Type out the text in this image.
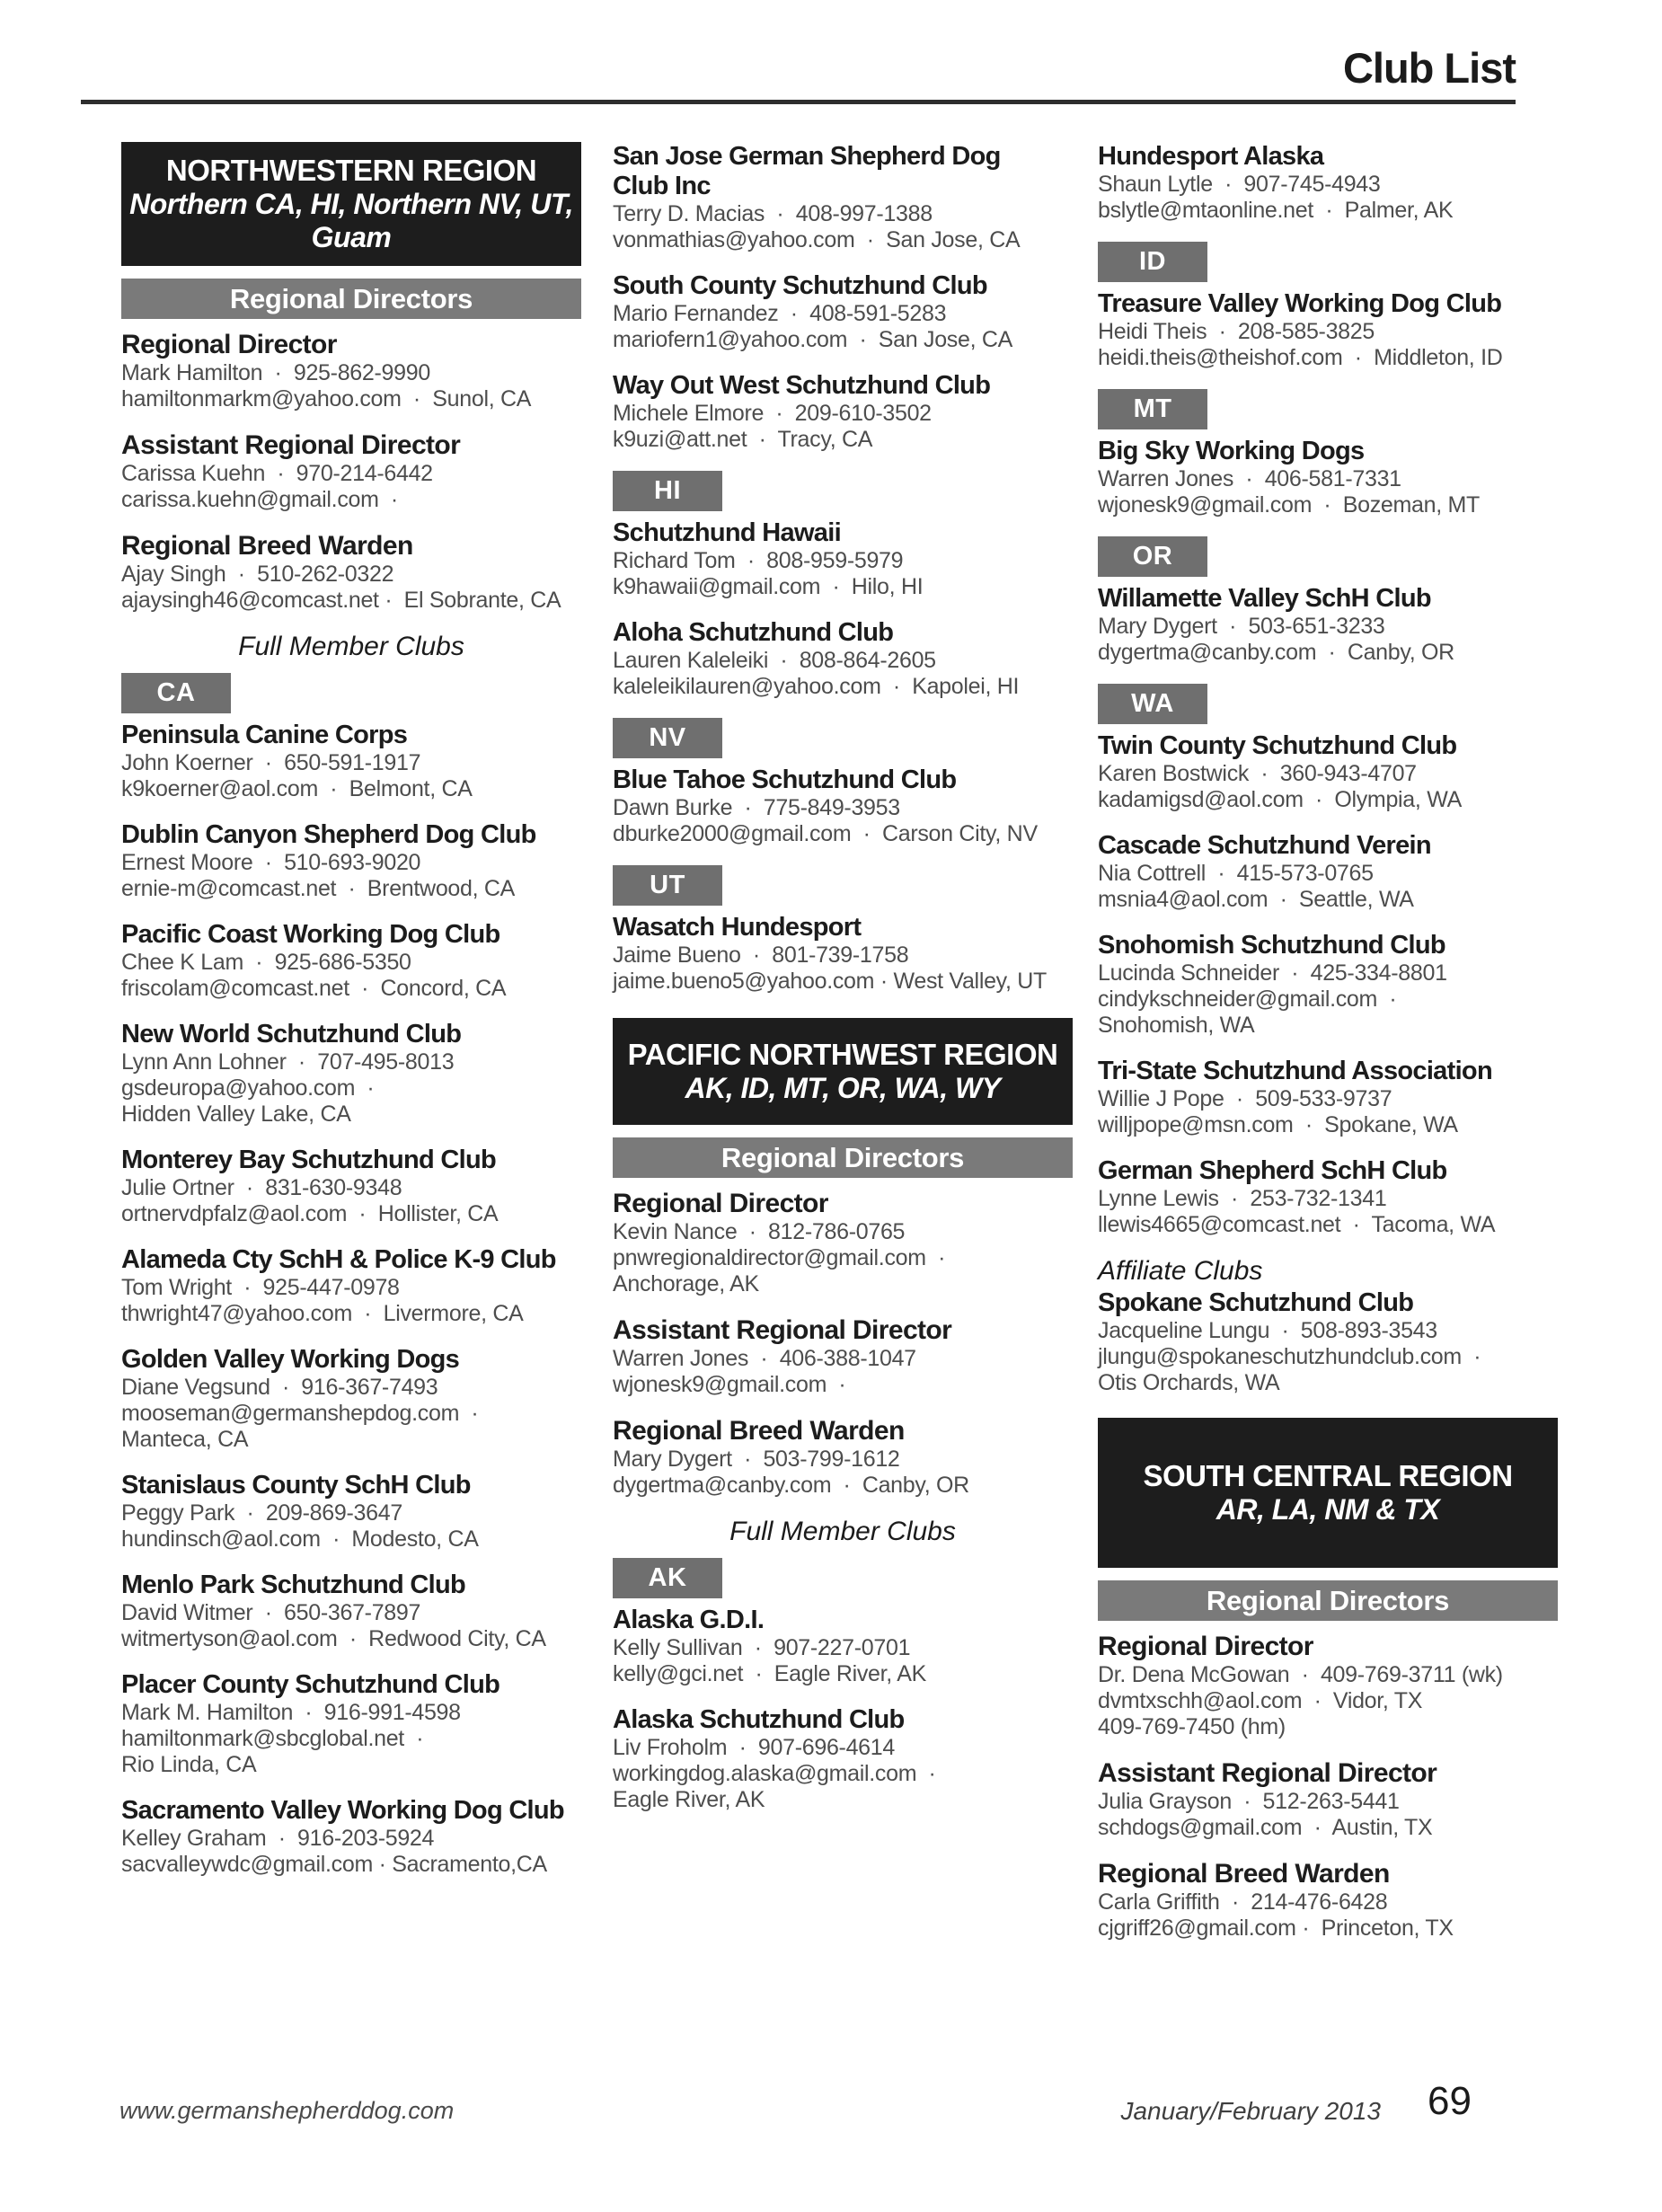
Club List
NORTHWESTERN REGION
Northern CA, HI, Northern NV, UT,
Guam
Regional Directors
Regional Director
Mark Hamilton  ·  925-862-9990
hamiltonmarkm@yahoo.com  ·  Sunol, CA
Assistant Regional Director
Carissa Kuehn  ·  970-214-6442
carissa.kuehn@gmail.com  ·
Regional Breed Warden
Ajay Singh  ·  510-262-0322
ajaysingh46@comcast.net ·  El Sobrante, CA
Full Member Clubs
CA
Peninsula Canine Corps
John Koerner  ·  650-591-1917
k9koerner@aol.com  ·  Belmont, CA
Dublin Canyon Shepherd Dog Club
Ernest Moore  ·  510-693-9020
ernie-m@comcast.net  ·  Brentwood, CA
Pacific Coast Working Dog Club
Chee K Lam  ·  925-686-5350
friscolam@comcast.net  ·  Concord, CA
New World Schutzhund Club
Lynn Ann Lohner  ·  707-495-8013
gsdeuropa@yahoo.com  ·
Hidden Valley Lake, CA
Monterey Bay Schutzhund Club
Julie Ortner  ·  831-630-9348
ortnervdpfalz@aol.com  ·  Hollister, CA
Alameda Cty SchH & Police K-9 Club
Tom Wright  ·  925-447-0978
thwright47@yahoo.com  ·  Livermore, CA
Golden Valley Working Dogs
Diane Vegsund  ·  916-367-7493
mooseman@germanshepdog.com  ·
Manteca, CA
Stanislaus County SchH Club
Peggy Park  ·  209-869-3647
hundinsch@aol.com  ·  Modesto, CA
Menlo Park Schutzhund Club
David Witmer  ·  650-367-7897
witmertyson@aol.com  ·  Redwood City, CA
Placer County Schutzhund Club
Mark M. Hamilton  ·  916-991-4598
hamiltonmark@sbcglobal.net  ·
Rio Linda, CA
Sacramento Valley Working Dog Club
Kelley Graham  ·  916-203-5924
sacvalleywdc@gmail.com · Sacramento,CA
San Jose German Shepherd Dog
Club Inc
Terry D. Macias  ·  408-997-1388
vonmathias@yahoo.com  ·  San Jose, CA
South County Schutzhund Club
Mario Fernandez  ·  408-591-5283
mariofern1@yahoo.com  ·  San Jose, CA
Way Out West Schutzhund Club
Michele Elmore  ·  209-610-3502
k9uzi@att.net  ·  Tracy, CA
HI
Schutzhund Hawaii
Richard Tom  ·  808-959-5979
k9hawaii@gmail.com  ·  Hilo, HI
Aloha Schutzhund Club
Lauren Kaleleiki  ·  808-864-2605
kaleleikilauren@yahoo.com  ·  Kapolei, HI
NV
Blue Tahoe Schutzhund Club
Dawn Burke  ·  775-849-3953
dburke2000@gmail.com  ·  Carson City, NV
UT
Wasatch Hundesport
Jaime Bueno  ·  801-739-1758
jaime.bueno5@yahoo.com · West Valley, UT
PACIFIC NORTHWEST REGION
AK, ID, MT, OR, WA, WY
Regional Directors
Regional Director
Kevin Nance  ·  812-786-0765
pnwregionaldirector@gmail.com  ·
Anchorage, AK
Assistant Regional Director
Warren Jones  ·  406-388-1047
wjonesk9@gmail.com  ·
Regional Breed Warden
Mary Dygert  ·  503-799-1612
dygertma@canby.com  ·  Canby, OR
Full Member Clubs
AK
Alaska G.D.I.
Kelly Sullivan  ·  907-227-0701
kelly@gci.net  ·  Eagle River, AK
Alaska Schutzhund Club
Liv Froholm  ·  907-696-4614
workingdog.alaska@gmail.com  ·
Eagle River, AK
Hundesport Alaska
Shaun Lytle  ·  907-745-4943
bslytle@mtaonline.net  ·  Palmer, AK
ID
Treasure Valley Working Dog Club
Heidi Theis  ·  208-585-3825
heidi.theis@theishof.com  ·  Middleton, ID
MT
Big Sky Working Dogs
Warren Jones  ·  406-581-7331
wjonesk9@gmail.com  ·  Bozeman, MT
OR
Willamette Valley SchH Club
Mary Dygert  ·  503-651-3233
dygertma@canby.com  ·  Canby, OR
WA
Twin County Schutzhund Club
Karen Bostwick  ·  360-943-4707
kadamigsd@aol.com  ·  Olympia, WA
Cascade Schutzhund Verein
Nia Cottrell  ·  415-573-0765
msnia4@aol.com  ·  Seattle, WA
Snohomish Schutzhund Club
Lucinda Schneider  ·  425-334-8801
cindykschneider@gmail.com  ·
Snohomish, WA
Tri-State Schutzhund Association
Willie J Pope  ·  509-533-9737
willjpope@msn.com  ·  Spokane, WA
German Shepherd SchH Club
Lynne Lewis  ·  253-732-1341
llewis4665@comcast.net  ·  Tacoma, WA
Affiliate Clubs
Spokane Schutzhund Club
Jacqueline Lungu  ·  508-893-3543
jlungu@spokaneschutzhundclub.com  ·
Otis Orchards, WA
SOUTH CENTRAL REGION
AR, LA, NM & TX
Regional Directors
Regional Director
Dr. Dena McGowan  ·  409-769-3711 (wk)
dvmtxschh@aol.com  ·  Vidor, TX
409-769-7450 (hm)
Assistant Regional Director
Julia Grayson  ·  512-263-5441
schdogs@gmail.com  ·  Austin, TX
Regional Breed Warden
Carla Griffith  ·  214-476-6428
cjgriff26@gmail.com ·  Princeton, TX
www.germanshepherddog.com	January/February 2013 69
